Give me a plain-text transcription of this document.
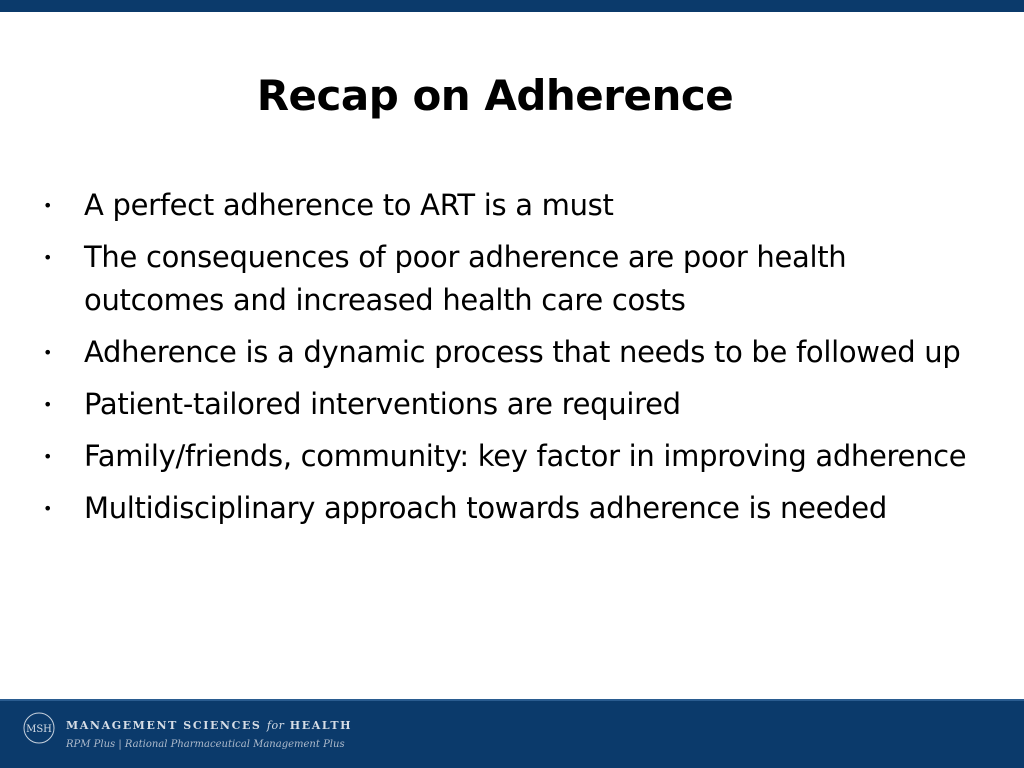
Recap on Adherence
• A perfect adherence to ART is a must
• The consequences of poor adherence are poor health outcomes and increased health care costs
• Adherence is a dynamic process that needs to be followed up
• Patient-tailored interventions are required
• Family/friends, community: key factor in improving adherence
• Multidisciplinary approach towards adherence is needed
MSH MANAGEMENT SCIENCES for HEALTH
RPM Plus | Rational Pharmaceutical Management Plus
